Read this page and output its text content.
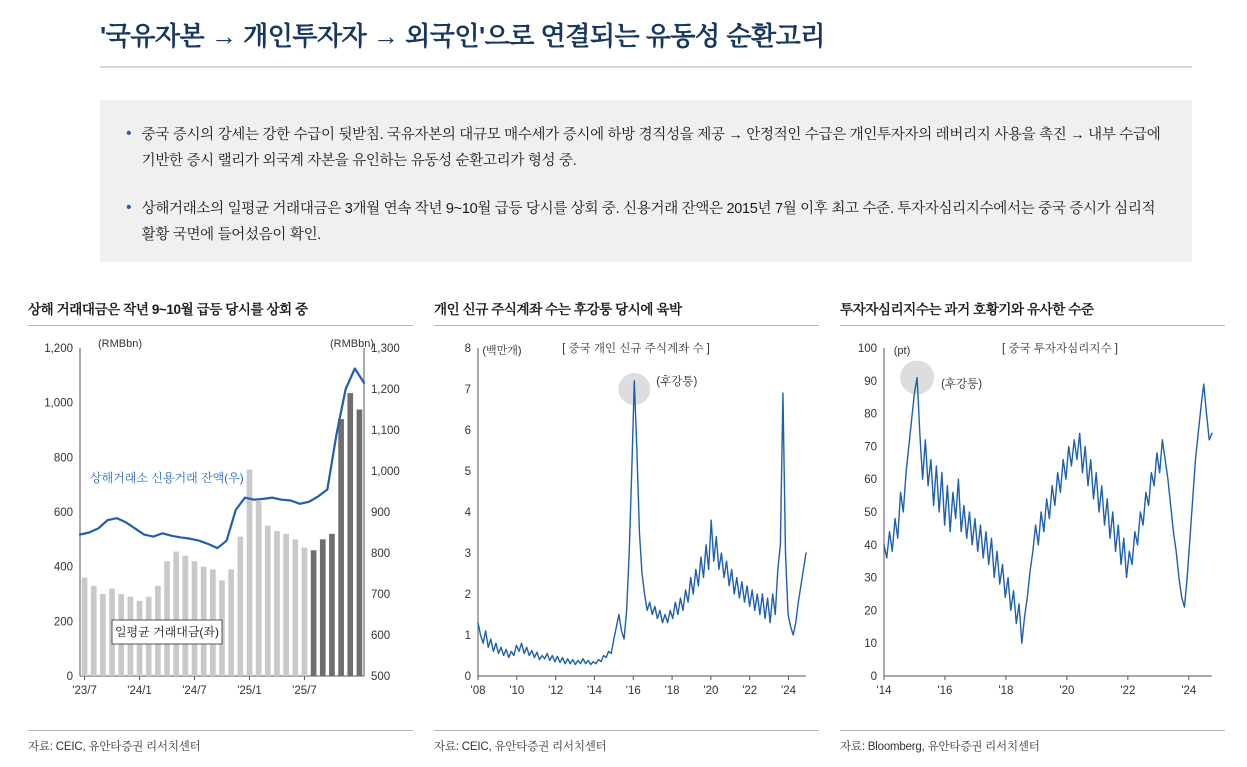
'국유자본 → 개인투자자 → 외국인'으로 연결되는 유동성 순환고리
• 중국 증시의 강세는 강한 수급이 뒷받침. 국유자본의 대규모 매수세가 증시에 하방 경직성을 제공 → 안정적인 수급은 개인투자자의 레버리지 사용을 촉진 → 내부 수급에 기반한 증시 랠리가 외국계 자본을 유인하는 유동성 순환고리가 형성 중.
• 상해거래소의 일평균 거래대금은 3개월 연속 작년 9~10월 급등 당시를 상회 중. 신용거래 잔액은 2015년 7월 이후 최고 수준. 투자자심리지수에서는 중국 증시가 심리적 활황 국면에 들어섰음이 확인.
상해 거래대금은 작년 9~10월 급등 당시를 상회 중
(RMBbn)	(RMBbn)
0
200
400
600
800
1,000
1,200
500
600
700
800
900
1,000
1,100
1,200
1,300
'23/7	'24/1	'24/7	'25/1	'25/7
상해거래소 신용거래 잔액(우)
일평균 거래대금(좌)
자료: CEIC, 유안타증권 리서치센터
개인 신규 주식계좌 수는 후강퉁 당시에 육박
(백만개)	[ 중국 개인 신규 주식계좌 수 ]
0
1
2
3
4
5
6
7
8
(후강퉁)
'08 '10 '12 '14 '16 '18 '20 '22 '24
자료: CEIC, 유안타증권 리서치센터
투자자심리지수는 과거 호황기와 유사한 수준
(pt)	[ 중국 투자자심리지수 ]
0
10
20
30
40
50
60
70
80
90
100
(후강퉁)
'14	'16	'18	'20	'22	'24
자료: Bloomberg, 유안타증권 리서치센터
